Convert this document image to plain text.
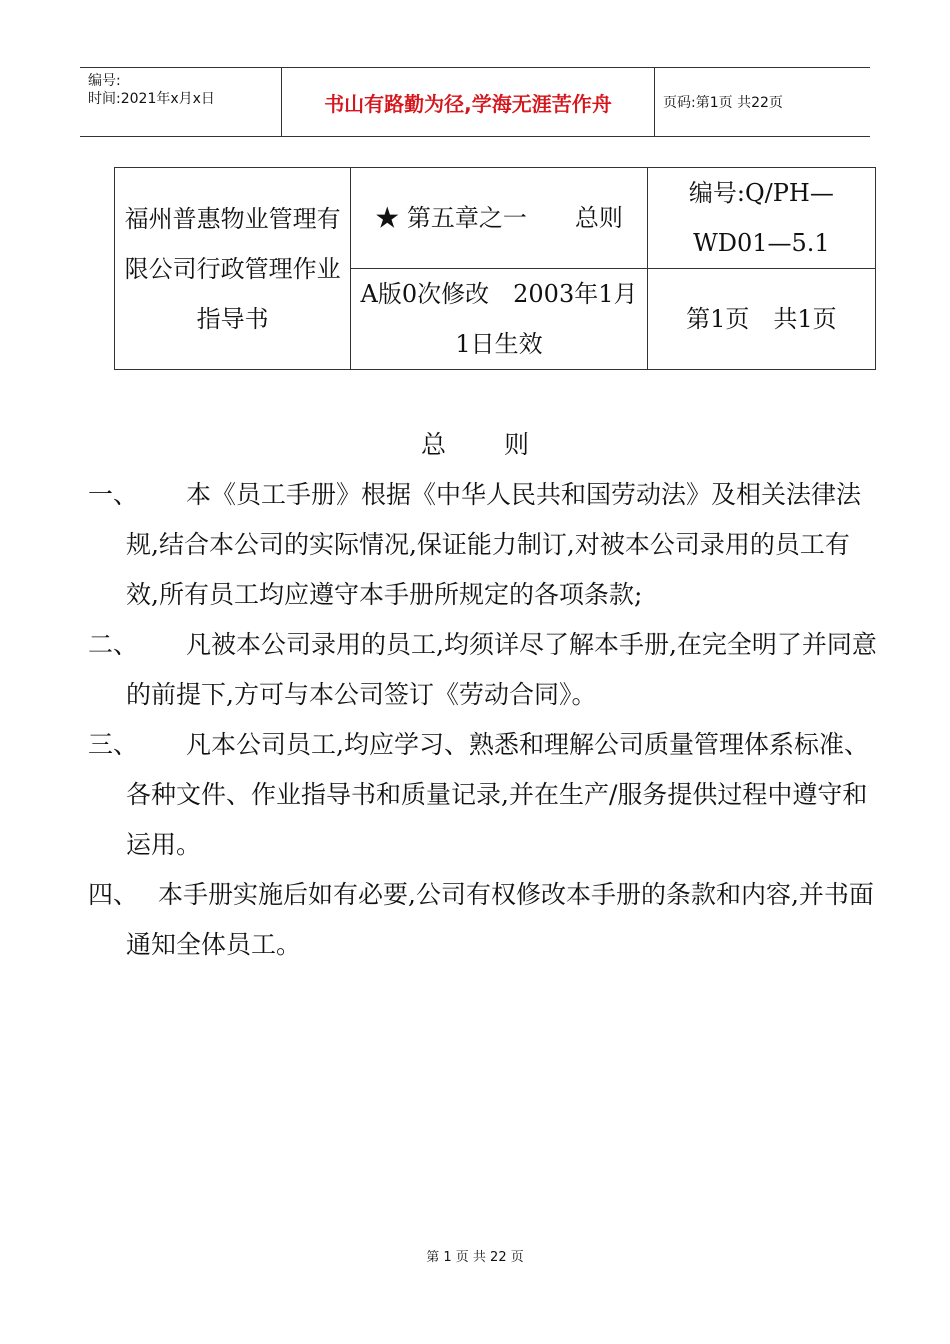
编号:
时间:2021年x月x日	书山有路勤为径,学海无涯苦作舟	页码:第1页 共22页
福州普惠物业管理有限公司行政管理作业指导书	★ 第五章之一　　总则	编号:Q/PH—WD01—5.1
	A版0次修改　2003年1月1日生效	第1页　共1页
总 则
一、	本《员工手册》根据《中华人民共和国劳动法》及相关法律法规,结合本公司的实际情况,保证能力制订,对被本公司录用的员工有效,所有员工均应遵守本手册所规定的各项条款;
二、	凡被本公司录用的员工,均须详尽了解本手册,在完全明了并同意的前提下,方可与本公司签订《劳动合同》。
三、	凡本公司员工,均应学习、熟悉和理解公司质量管理体系标准、各种文件、作业指导书和质量记录,并在生产/服务提供过程中遵守和运用。
四、 本手册实施后如有必要,公司有权修改本手册的条款和内容,并书面通知全体员工。
第 1 页 共 22 页
